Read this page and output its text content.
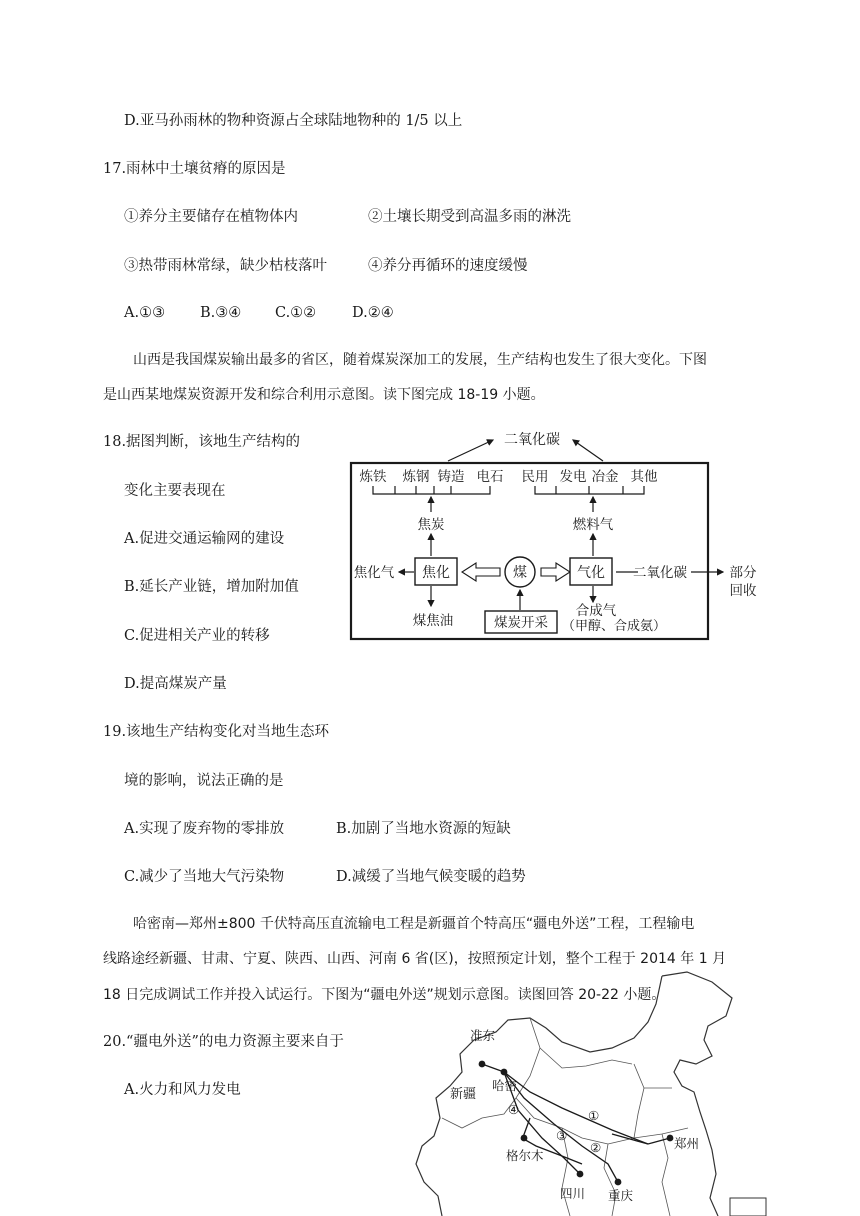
D.亚马孙雨林的物种资源占全球陆地物种的 1/5 以上
17.雨林中土壤贫瘠的原因是
①养分主要储存在植物体内	②土壤长期受到高温多雨的淋洗
③热带雨林常绿，缺少枯枝落叶	④养分再循环的速度缓慢
A.①③ B.③④ C.①② D.②④
山西是我国煤炭输出最多的省区，随着煤炭深加工的发展，生产结构也发生了很大变化。下图
是山西某地煤炭资源开发和综合利用示意图。读下图完成 18-19 小题。
18.据图判断，该地生产结构的
变化主要表现在
A.促进交通运输网的建设
B.延长产业链，增加附加值
C.促进相关产业的转移
D.提高煤炭产量
二氧化碳
炼铁 炼钢 铸造 电石 民用 发电 冶金 其他
焦炭	燃料气
焦化气 焦化	煤	气化 二氧化碳	部分
回收
煤焦油	煤炭开采
合成气
（甲醇、合成氨）
19.该地生产结构变化对当地生态环
境的影响，说法正确的是
A.实现了废弃物的零排放	B.加剧了当地水资源的短缺
C.减少了当地大气污染物	D.减缓了当地气候变暖的趋势
哈密南—郑州±800 千伏特高压直流输电工程是新疆首个特高压“疆电外送”工程，工程输电
线路途经新疆、甘肃、宁夏、陕西、山西、河南 6 省(区)，按照预定计划，整个工程于 2014 年 1 月
18 日完成调试工作并投入试运行。下图为“疆电外送”规划示意图。读图回答 20-22 小题。
20.“疆电外送”的电力资源主要来自于
A.火力和风力发电
准东
哈密
新疆
格尔木
四川 重庆
郑州
①
②
③
④
